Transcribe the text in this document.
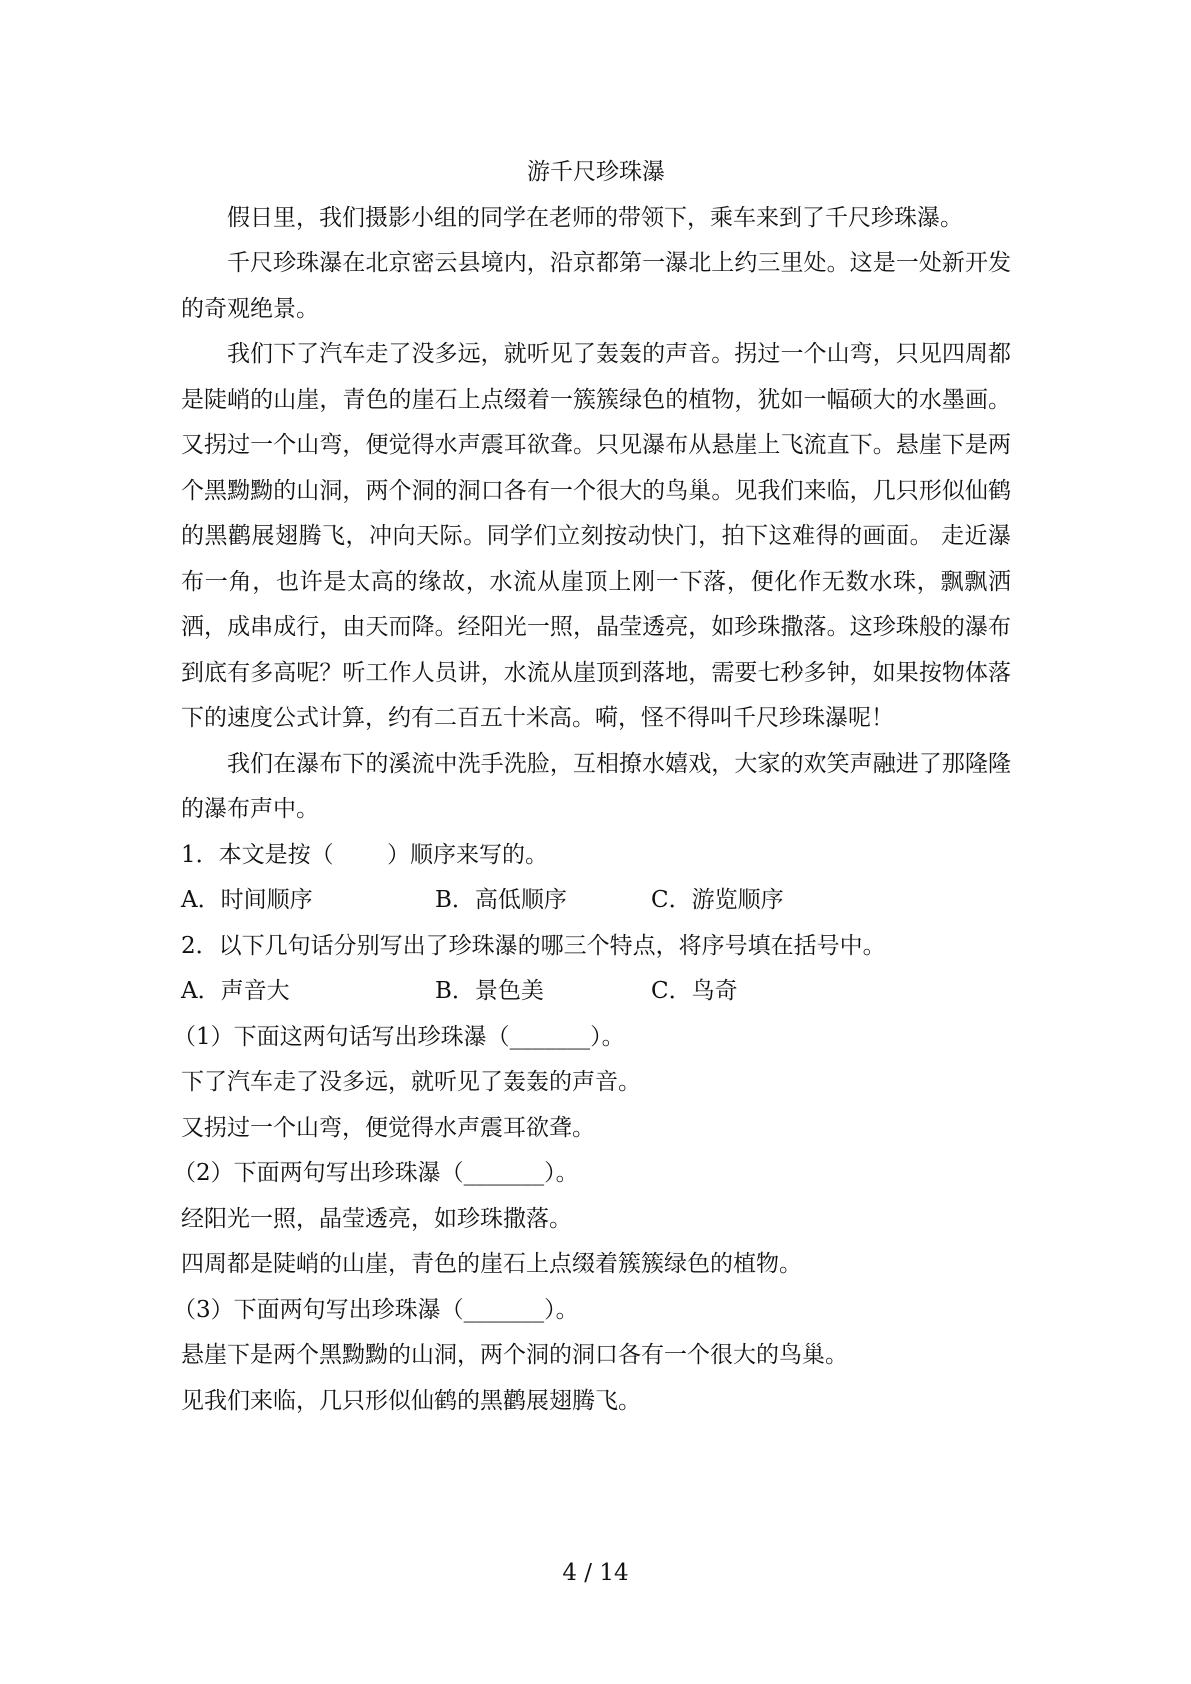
游千尺珍珠瀑

假日里，我们摄影小组的同学在老师的带领下，乘车来到了千尺珍珠瀑。

千尺珍珠瀑在北京密云县境内，沿京都第一瀑北上约三里处。这是一处新开发的奇观绝景。

我们下了汽车走了没多远，就听见了轰轰的声音。拐过一个山弯，只见四周都是陡峭的山崖，青色的崖石上点缀着一簇簇绿色的植物，犹如一幅硕大的水墨画。又拐过一个山弯，便觉得水声震耳欲聋。只见瀑布从悬崖上飞流直下。悬崖下是两个黑黝黝的山洞，两个洞的洞口各有一个很大的鸟巢。见我们来临，几只形似仙鹤的黑鹳展翅腾飞，冲向天际。同学们立刻按动快门，拍下这难得的画面。 走近瀑布一角，也许是太高的缘故，水流从崖顶上刚一下落，便化作无数水珠，飘飘洒洒，成串成行，由天而降。经阳光一照，晶莹透亮，如珍珠撒落。这珍珠般的瀑布到底有多高呢？听工作人员讲，水流从崖顶到落地，需要七秒多钟，如果按物体落下的速度公式计算，约有二百五十米高。嗬，怪不得叫千尺珍珠瀑呢！

我们在瀑布下的溪流中洗手洗脸，互相撩水嬉戏，大家的欢笑声融进了那隆隆的瀑布声中。

1．本文是按（　　 ）顺序来写的。

A．时间顺序	B．高低顺序	C．游览顺序

2．以下几句话分别写出了珍珠瀑的哪三个特点，将序号填在括号中。

A．声音大	B．景色美	C．鸟奇

（1）下面这两句话写出珍珠瀑（_______）。

下了汽车走了没多远，就听见了轰轰的声音。

又拐过一个山弯，便觉得水声震耳欲聋。

（2）下面两句写出珍珠瀑（_______）。

经阳光一照，晶莹透亮，如珍珠撒落。

四周都是陡峭的山崖，青色的崖石上点缀着簇簇绿色的植物。

（3）下面两句写出珍珠瀑（_______）。

悬崖下是两个黑黝黝的山洞，两个洞的洞口各有一个很大的鸟巢。

见我们来临，几只形似仙鹤的黑鹳展翅腾飞。

4 / 14
